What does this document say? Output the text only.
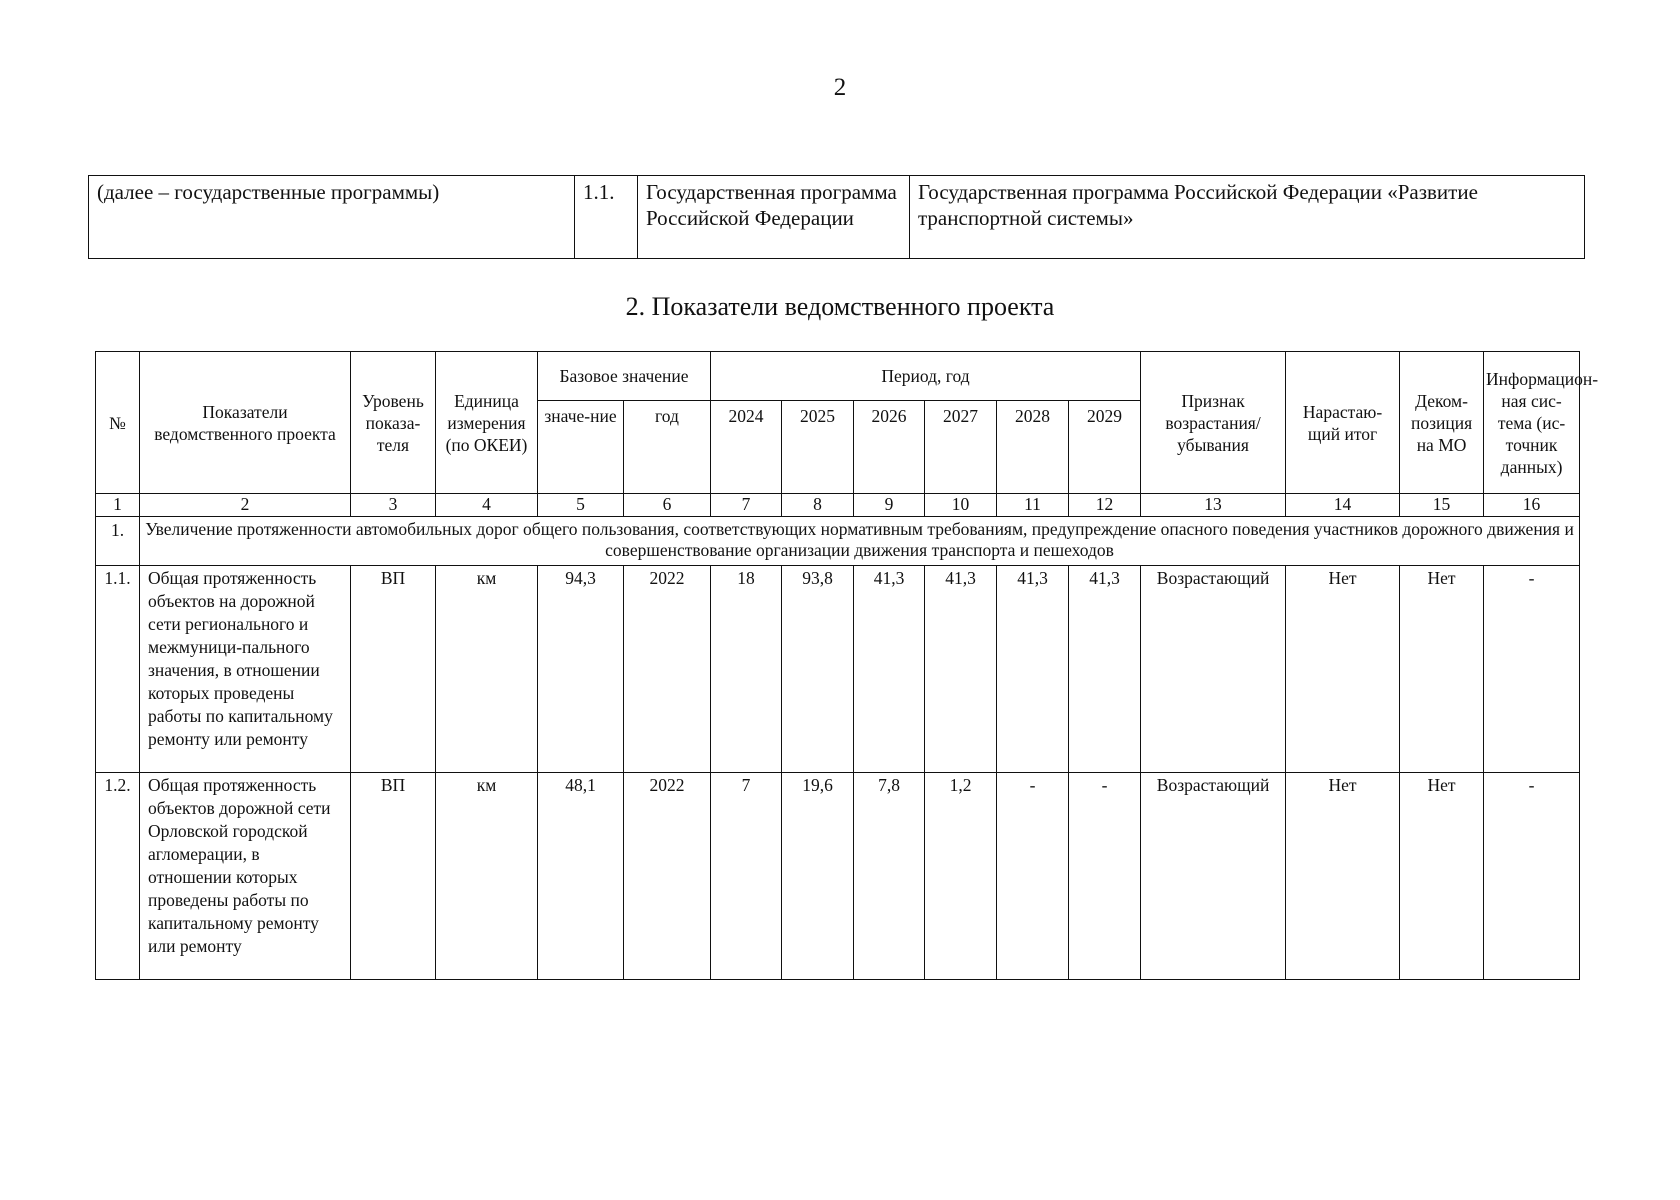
2
(далее – государственные программы)	1.1.	Государственная программа Российской Федерации	Государственная программа Российской Федерации «Развитие транспортной системы»
2. Показатели ведомственного проекта
№	Показатели ведомственного проекта	Уровень показа-теля	Единица измерения (по ОКЕИ)	Базовое значение		Период, год						Признак возрастания/ убывания	Нарастаю-щий итог	Деком-позиция на МО	Информацион-ная сис-тема (ис-точник данных)
				значе-ние	год	2024	2025	2026	2027	2028	2029				
1	2	3	4	5	6	7	8	9	10	11	12	13	14	15	16
1.	Увеличение протяженности автомобильных дорог общего пользования, соответствующих нормативным требованиям, предупреждение опасного поведения участников дорожного движения и совершенствование организации движения транспорта и пешеходов														
1.1.	Общая протяженность объектов на дорожной сети регионального и межмуници-пального значения, в отношении которых проведены работы по капитальному ремонту или ремонту	ВП	км	94,3	2022	18	93,8	41,3	41,3	41,3	41,3	Возрастающий	Нет	Нет	-
1.2.	Общая протяженность объектов дорожной сети Орловской городской агломерации, в отношении которых проведены работы по капитальному ремонту или ремонту	ВП	км	48,1	2022	7	19,6	7,8	1,2	-	-	Возрастающий	Нет	Нет	-
